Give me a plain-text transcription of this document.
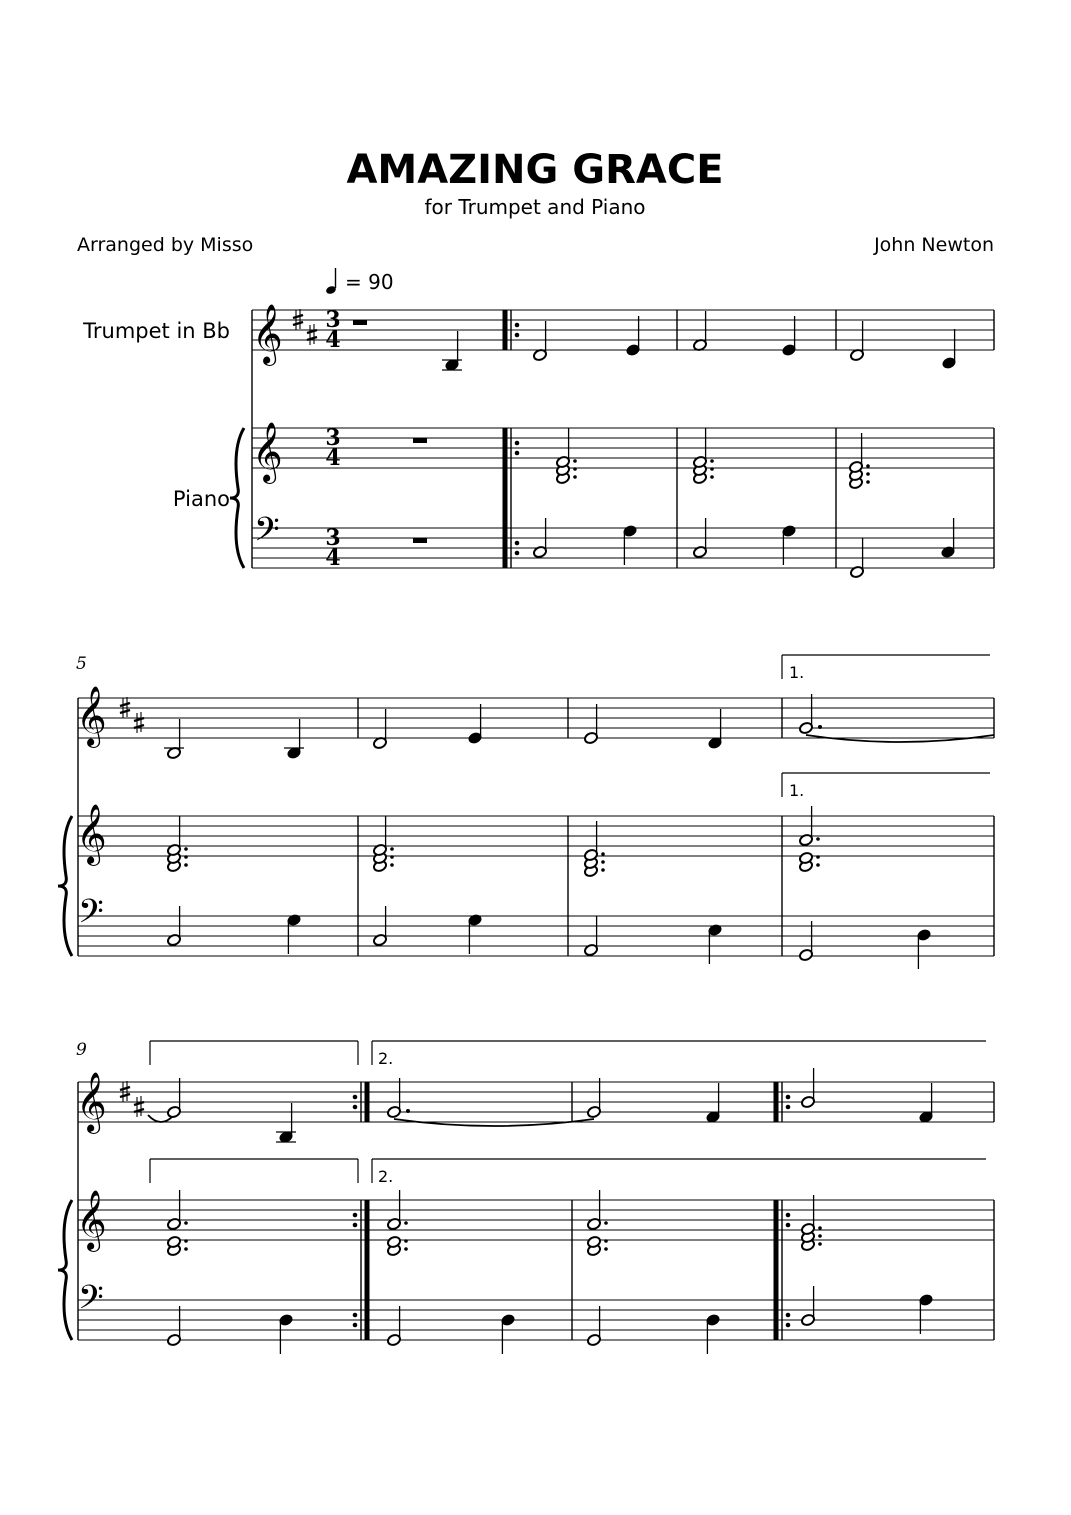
AMAZING GRACE
for Trumpet and Piano
Arranged by Misso	John Newton
= 90
Trumpet in Bb
Piano
5
9
1.
1.
2.
2.
𝄞
𝄞
𝄢
3
4
3
4
3
4
𝄞
𝄞
𝄢
𝄞
𝄞
𝄢
